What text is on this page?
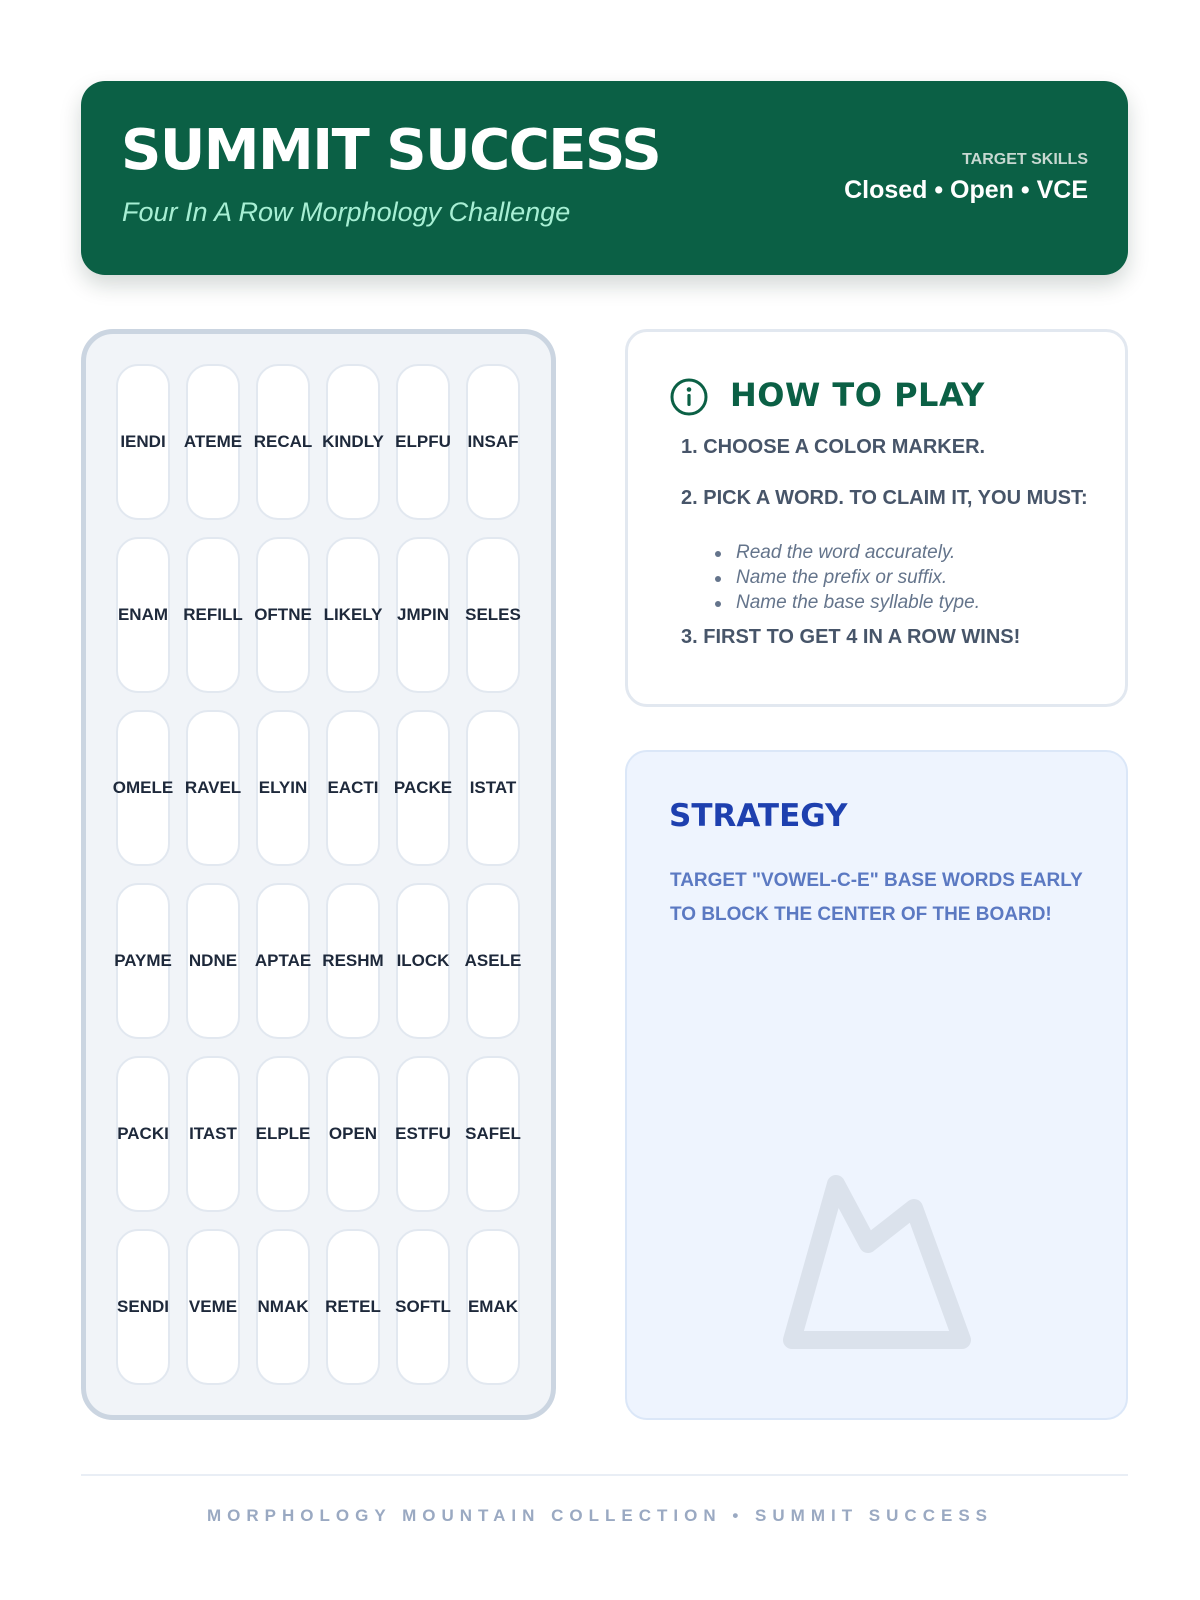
SUMMIT SUCCESS
Four In A Row Morphology Challenge
TARGET SKILLS
Closed • Open • VCE
IENDI ATEME RECAL KINDLY ELPFU INSAF
ENAM REFILL OFTNE LIKELY JMPIN SELES
OMELE RAVEL ELYIN EACTI PACKE ISTAT
PAYME NDNE APTAE RESHM ILOCK ASELE
PACKI ITAST ELPLE OPEN ESTFU SAFEL
SENDI VEME NMAK RETEL SOFTL EMAK
HOW TO PLAY
1. CHOOSE A COLOR MARKER.
2. PICK A WORD. TO CLAIM IT, YOU MUST:
Read the word accurately.
Name the prefix or suffix.
Name the base syllable type.
3. FIRST TO GET 4 IN A ROW WINS!
STRATEGY
TARGET "VOWEL-C-E" BASE WORDS EARLY TO BLOCK THE CENTER OF THE BOARD!
MORPHOLOGY MOUNTAIN COLLECTION • SUMMIT SUCCESS
